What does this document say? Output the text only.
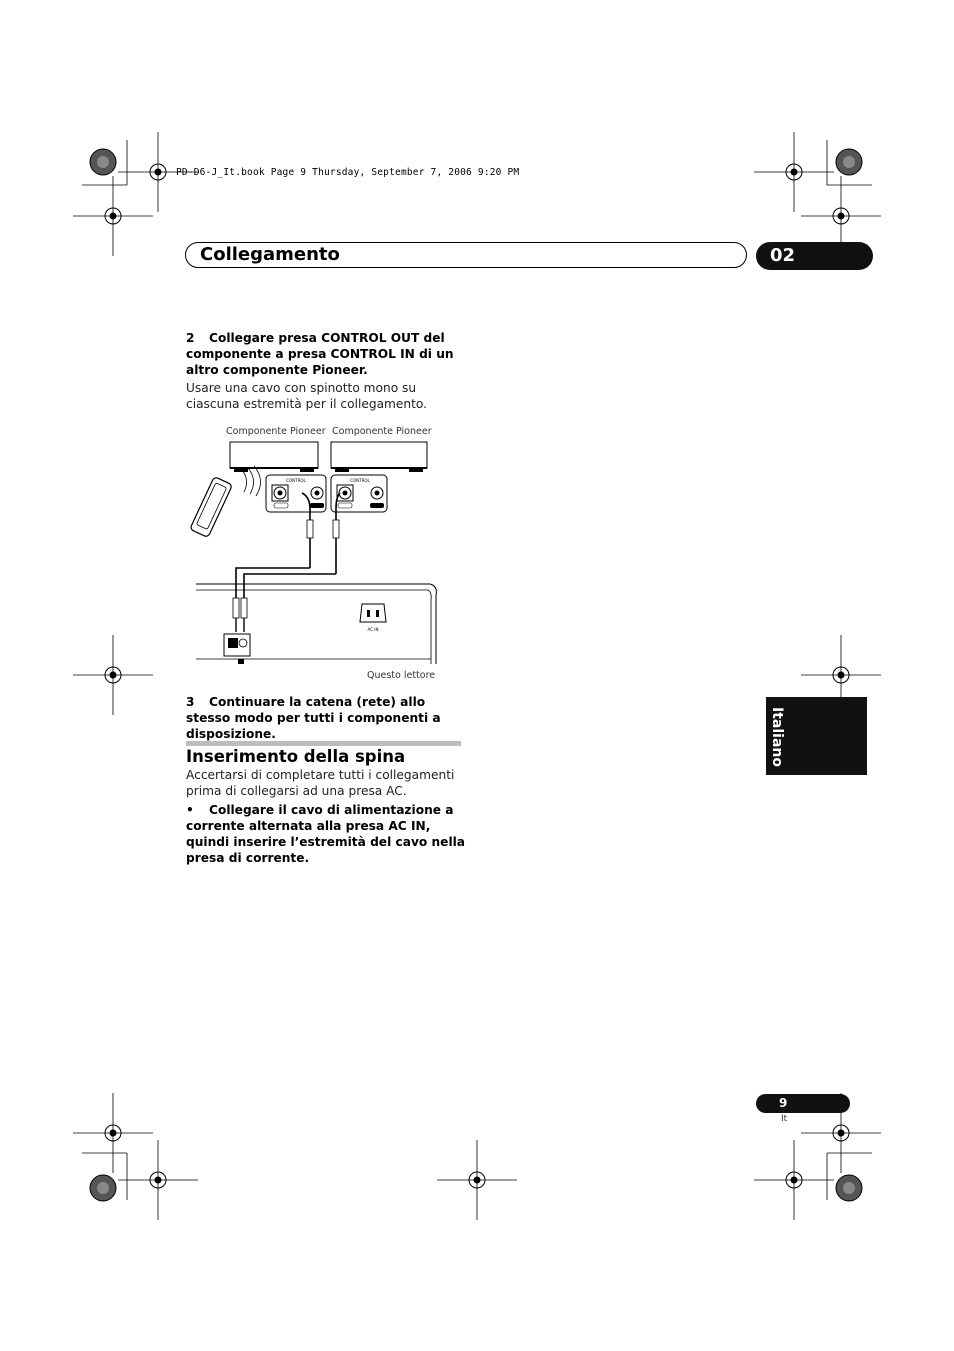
PD-D6-J_It.book Page 9 Thursday, September 7, 2006 9:20 PM
Collegamento	02
2 Collegare presa CONTROL OUT del componente a presa CONTROL IN di un altro componente Pioneer.
Usare una cavo con spinotto mono su ciascuna estremità per il collegamento.
Componente Pioneer Componente Pioneer
Questo lettore
CONTROL	CONTROL
AC IN
3 Continuare la catena (rete) allo stesso modo per tutti i componenti a disposizione.
Inserimento della spina
Accertarsi di completare tutti i collegamenti prima di collegarsi ad una presa AC.
• Collegare il cavo di alimentazione a corrente alternata alla presa AC IN, quindi inserire l’estremità del cavo nella presa di corrente.
Italiano
9
It
